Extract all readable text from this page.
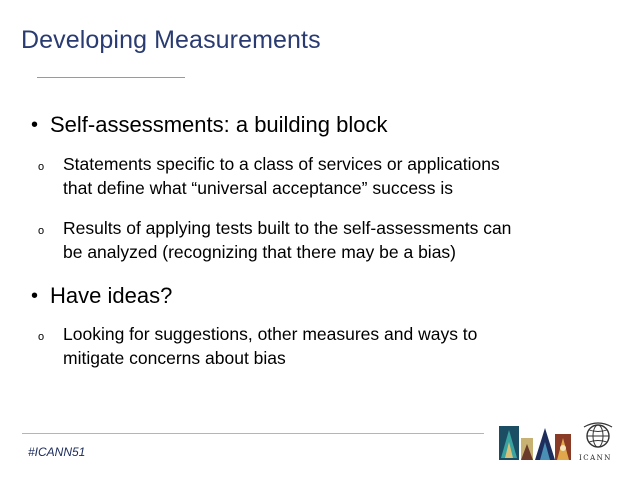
Developing Measurements
• Self-assessments: a building block
o Statements specific to a class of services or applications
that define what “universal acceptance” success is
o Results of applying tests built to the self-assessments can
be analyzed (recognizing that there may be a bias)
• Have ideas?
o Looking for suggestions, other measures and ways to
mitigate concerns about bias
#ICANN51	ICANN
